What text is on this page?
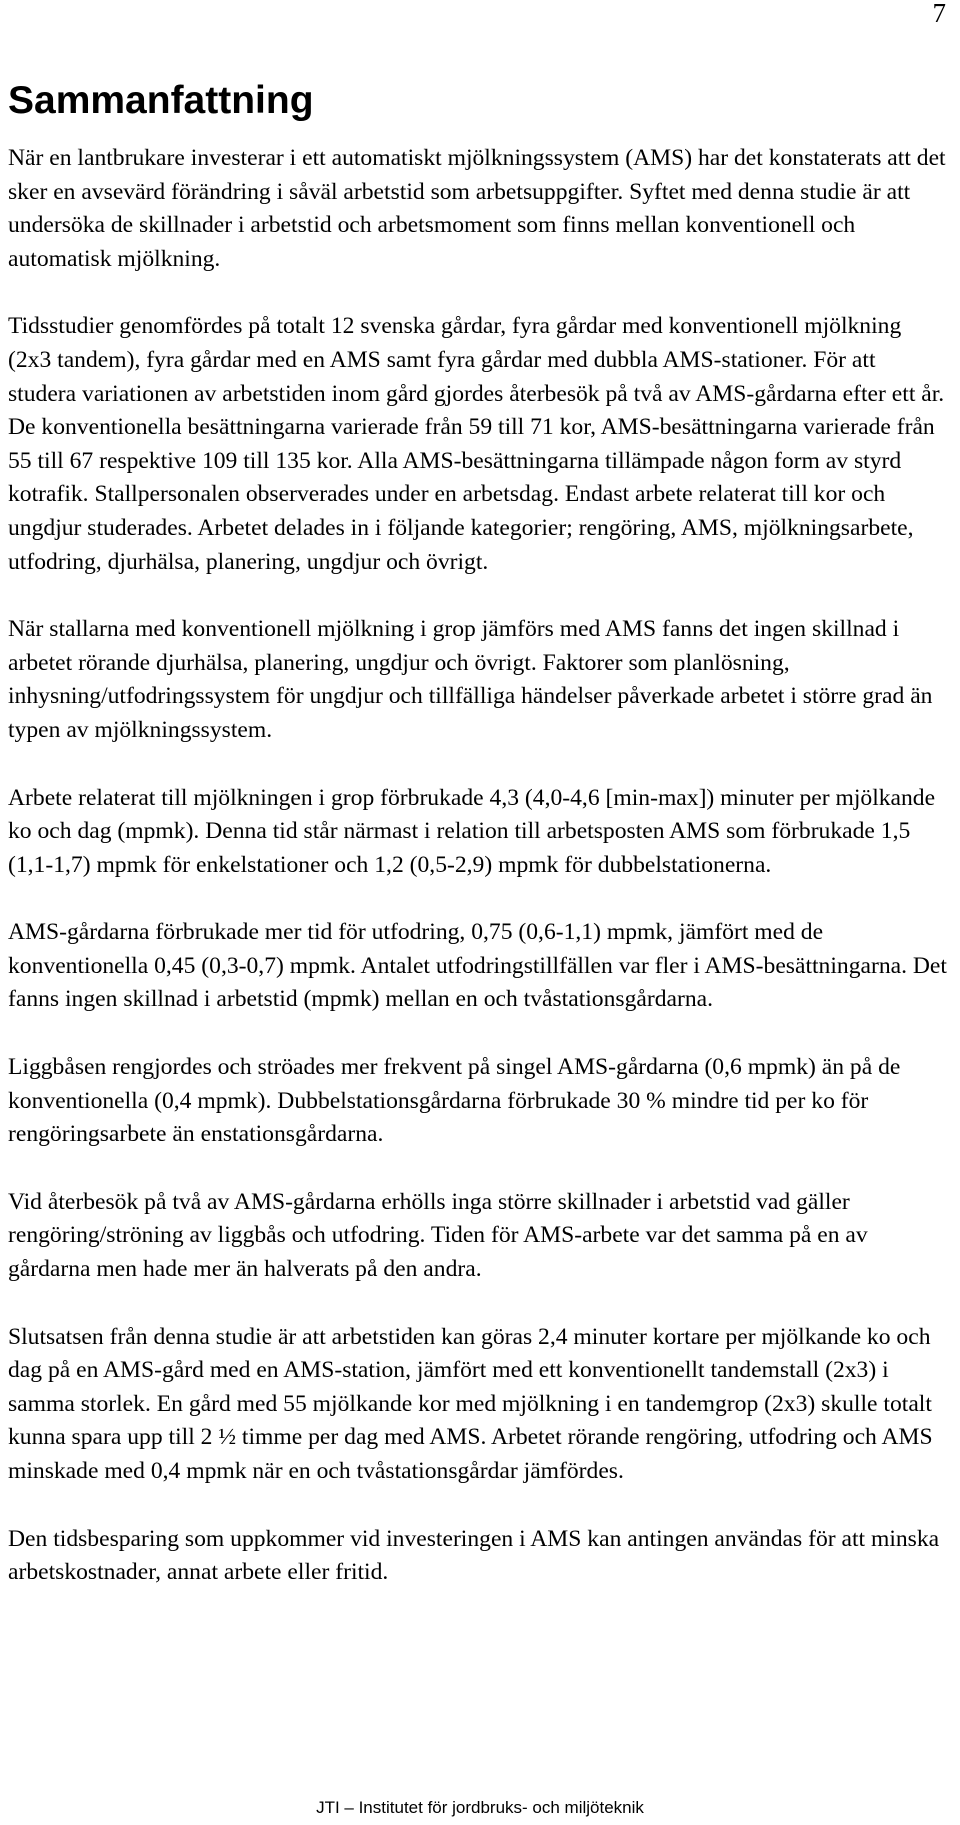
7
Sammanfattning

När en lantbrukare investerar i ett automatiskt mjölkningssystem (AMS) har det konstaterats att det sker en avsevärd förändring i såväl arbetstid som arbetsuppgifter. Syftet med denna studie är att undersöka de skillnader i arbetstid och arbetsmoment som finns mellan konventionell och automatisk mjölkning.

Tidsstudier genomfördes på totalt 12 svenska gårdar, fyra gårdar med konventionell mjölkning (2x3 tandem), fyra gårdar med en AMS samt fyra gårdar med dubbla AMS-stationer. För att studera variationen av arbetstiden inom gård gjordes återbesök på två av AMS-gårdarna efter ett år. De konventionella besättningarna varierade från 59 till 71 kor, AMS-besättningarna varierade från 55 till 67 respektive 109 till 135 kor. Alla AMS-besättningarna tillämpade någon form av styrd kotrafik. Stallpersonalen observerades under en arbetsdag. Endast arbete relaterat till kor och ungdjur studerades. Arbetet delades in i följande kategorier; rengöring, AMS, mjölkningsarbete, utfodring, djurhälsa, planering, ungdjur och övrigt.

När stallarna med konventionell mjölkning i grop jämförs med AMS fanns det ingen skillnad i arbetet rörande djurhälsa, planering, ungdjur och övrigt. Faktorer som planlösning, inhysning/utfodringssystem för ungdjur och tillfälliga händelser påverkade arbetet i större grad än typen av mjölkningssystem.

Arbete relaterat till mjölkningen i grop förbrukade 4,3 (4,0-4,6 [min-max]) minuter per mjölkande ko och dag (mpmk). Denna tid står närmast i relation till arbetsposten AMS som förbrukade 1,5 (1,1-1,7) mpmk för enkelstationer och 1,2 (0,5-2,9) mpmk för dubbelstationerna.

AMS-gårdarna förbrukade mer tid för utfodring, 0,75 (0,6-1,1) mpmk, jämfört med de konventionella 0,45 (0,3-0,7) mpmk. Antalet utfodringstillfällen var fler i AMS-besättningarna. Det fanns ingen skillnad i arbetstid (mpmk) mellan en och tvåstationsgårdarna.

Liggbåsen rengjordes och ströades mer frekvent på singel AMS-gårdarna (0,6 mpmk) än på de konventionella (0,4 mpmk). Dubbelstationsgårdarna förbrukade 30 % mindre tid per ko för rengöringsarbete än enstationsgårdarna.

Vid återbesök på två av AMS-gårdarna erhölls inga större skillnader i arbetstid vad gäller rengöring/ströning av liggbås och utfodring. Tiden för AMS-arbete var det samma på en av gårdarna men hade mer än halverats på den andra.

Slutsatsen från denna studie är att arbetstiden kan göras 2,4 minuter kortare per mjölkande ko och dag på en AMS-gård med en AMS-station, jämfört med ett konventionellt tandemstall (2x3) i samma storlek. En gård med 55 mjölkande kor med mjölkning i en tandemgrop (2x3) skulle totalt kunna spara upp till 2 ½ timme per dag med AMS. Arbetet rörande rengöring, utfodring och AMS minskade med 0,4 mpmk när en och tvåstationsgårdar jämfördes.

Den tidsbesparing som uppkommer vid investeringen i AMS kan antingen användas för att minska arbetskostnader, annat arbete eller fritid.

JTI – Institutet för jordbruks- och miljöteknik
